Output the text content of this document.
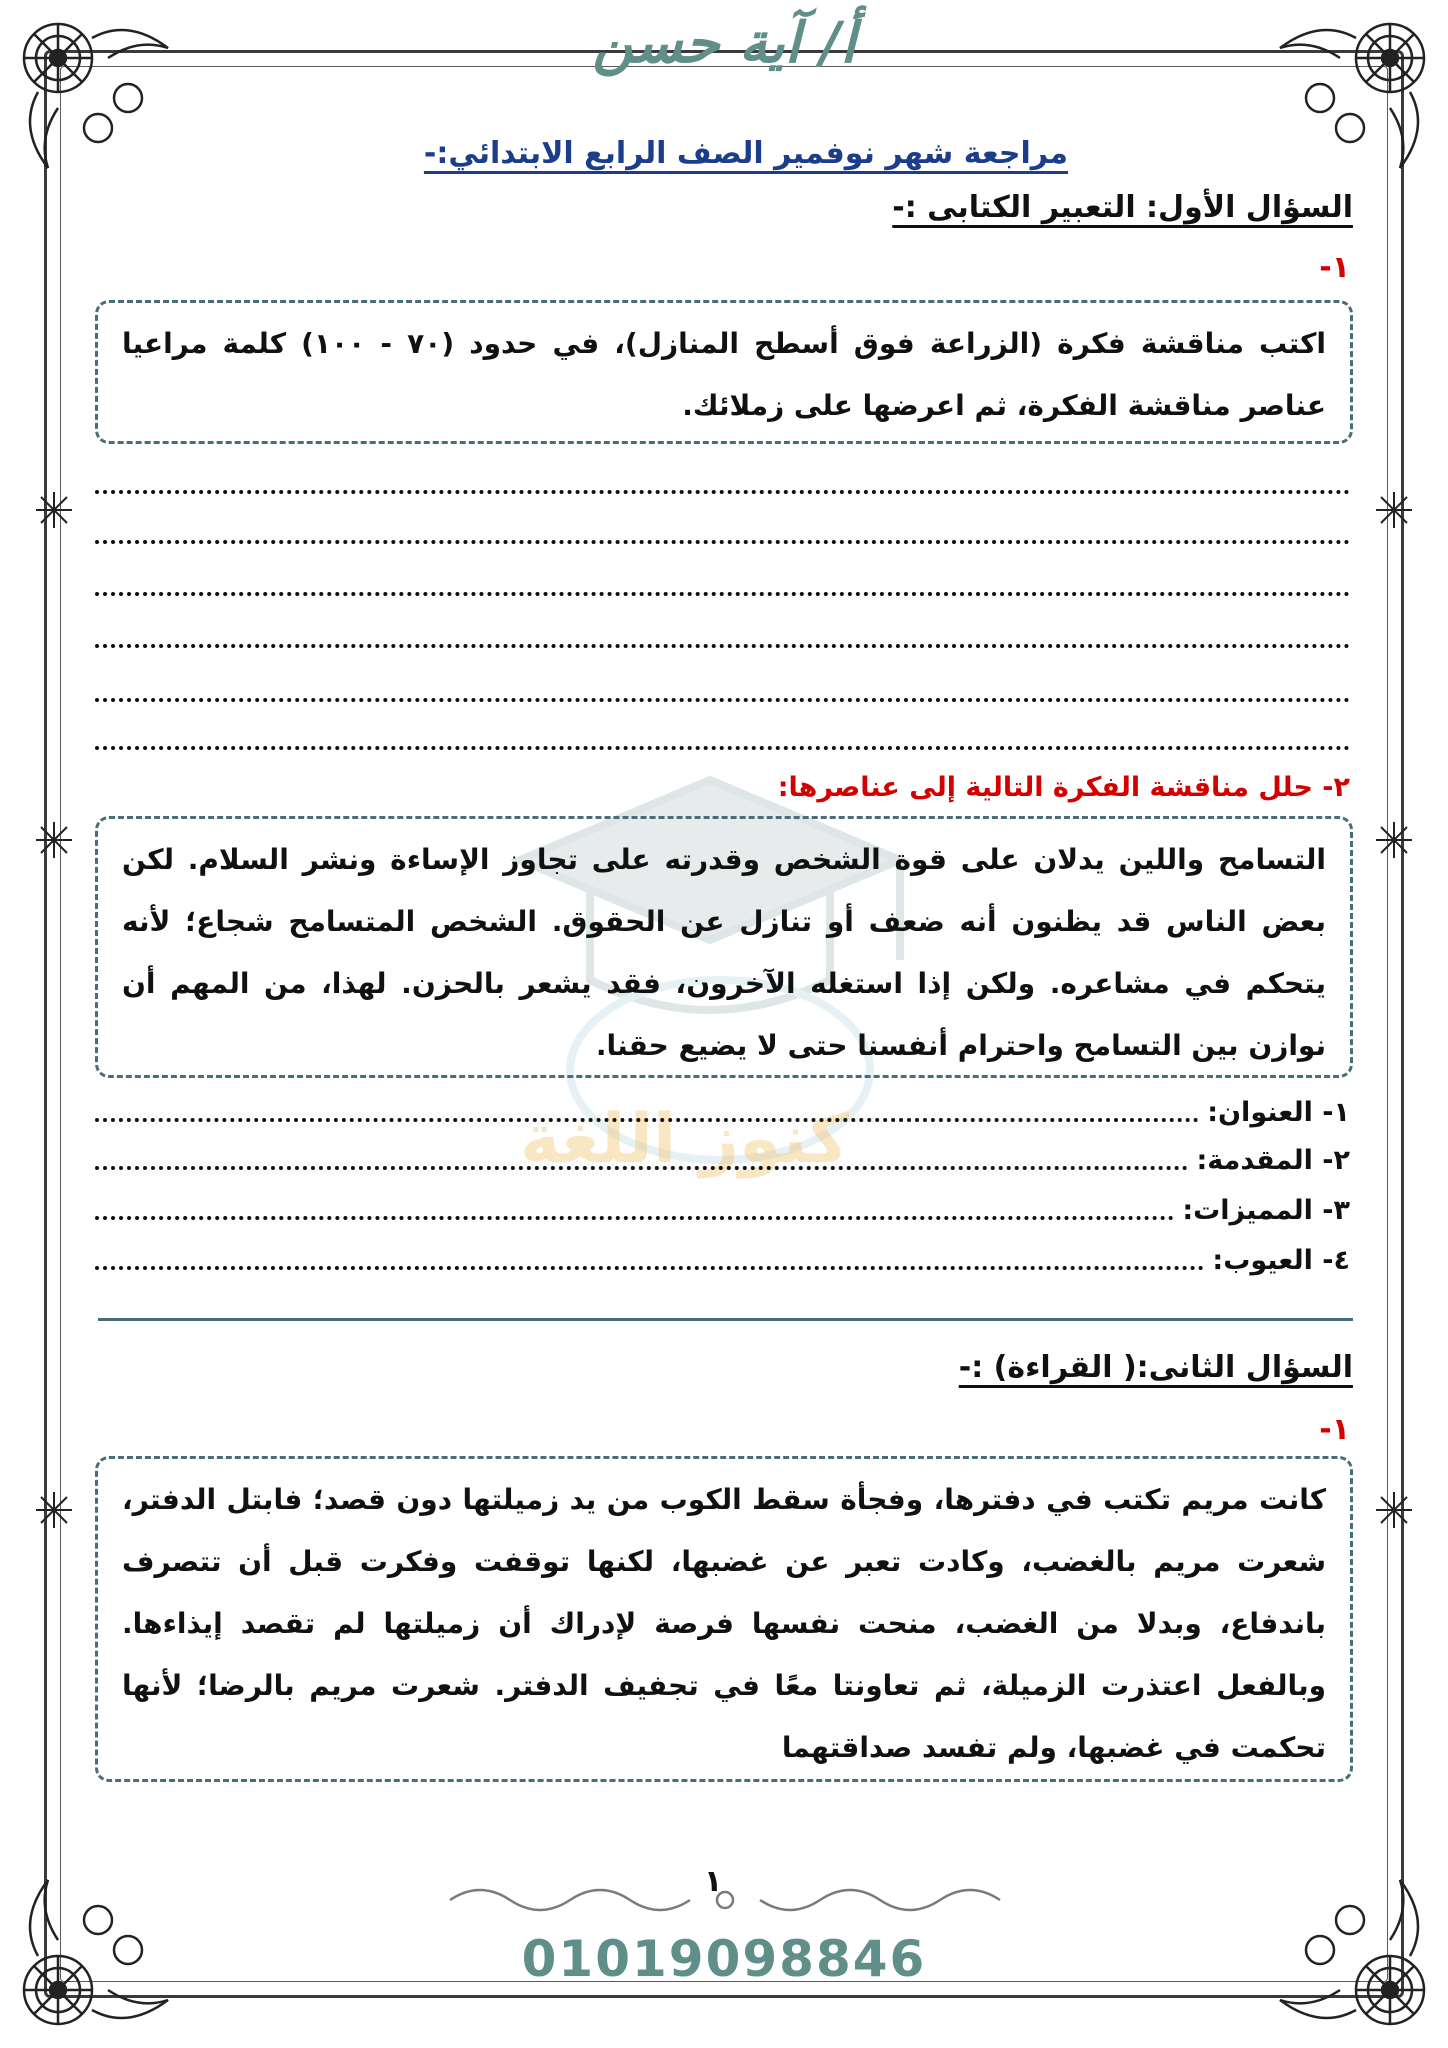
أ/ آية حسن
مراجعة شهر نوفمير الصف الرابع الابتدائي:-
كنوز اللغة
السؤال الأول: التعبير الكتابى :-
١-
اكتب مناقشة فكرة (الزراعة فوق أسطح المنازل)، في حدود (٧٠ - ١٠٠) كلمة مراعيا عناصر مناقشة الفكرة، ثم اعرضها على زملائك.
٢- حلل مناقشة الفكرة التالية إلى عناصرها:
التسامح واللين يدلان على قوة الشخص وقدرته على تجاوز الإساءة ونشر السلام. لكن بعض الناس قد يظنون أنه ضعف أو تنازل عن الحقوق. الشخص المتسامح شجاع؛ لأنه يتحكم في مشاعره. ولكن إذا استغله الآخرون، فقد يشعر بالحزن. لهذا، من المهم أن نوازن بين التسامح واحترام أنفسنا حتى لا يضيع حقنا.
١- العنوان:
٢- المقدمة:
٣- المميزات:
٤- العيوب:
السؤال الثانى:( القراءة) :-
١-
كانت مريم تكتب في دفترها، وفجأة سقط الكوب من يد زميلتها دون قصد؛ فابتل الدفتر، شعرت مريم بالغضب، وكادت تعبر عن غضبها، لكنها توقفت وفكرت قبل أن تتصرف باندفاع، وبدلا من الغضب، منحت نفسها فرصة لإدراك أن زميلتها لم تقصد إيذاءها. وبالفعل اعتذرت الزميلة، ثم تعاونتا معًا في تجفيف الدفتر. شعرت مريم بالرضا؛ لأنها تحكمت في غضبها، ولم تفسد صداقتهما
١
01019098846
